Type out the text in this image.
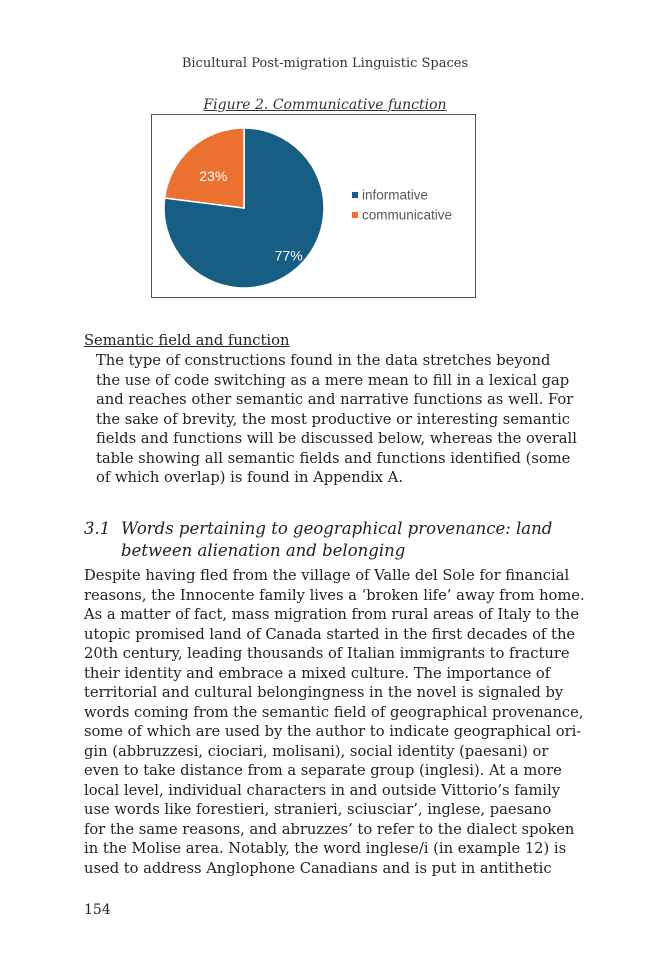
Bicultural Post-migration Linguistic Spaces
Figure 2. Communicative function
77%
23%
informative
communicative
Semantic field and function
The type of constructions found in the data stretches beyond
the use of code switching as a mere mean to fill in a lexical gap
and reaches other semantic and narrative functions as well. For
the sake of brevity, the most productive or interesting semantic
fields and functions will be discussed below, whereas the overall
table showing all semantic fields and functions identified (some
of which overlap) is found in Appendix A.
3.1 Words pertaining to geographical provenance: land
between alienation and belonging
Despite having fled from the village of Valle del Sole for financial
reasons, the Innocente family lives a ‘broken life’ away from home.
As a matter of fact, mass migration from rural areas of Italy to the
utopic promised land of Canada started in the first decades of the
20th century, leading thousands of Italian immigrants to fracture
their identity and embrace a mixed culture. The importance of
territorial and cultural belongingness in the novel is signaled by
words coming from the semantic field of geographical provenance,
some of which are used by the author to indicate geographical ori-
gin (abbruzzesi, ciociari, molisani), social identity (paesani) or
even to take distance from a separate group (inglesi). At a more
local level, individual characters in and outside Vittorio’s family
use words like forestieri, stranieri, sciusciar’, inglese, paesano
for the same reasons, and abruzzes’ to refer to the dialect spoken
in the Molise area. Notably, the word inglese/i (in example 12) is
used to address Anglophone Canadians and is put in antithetic
154
